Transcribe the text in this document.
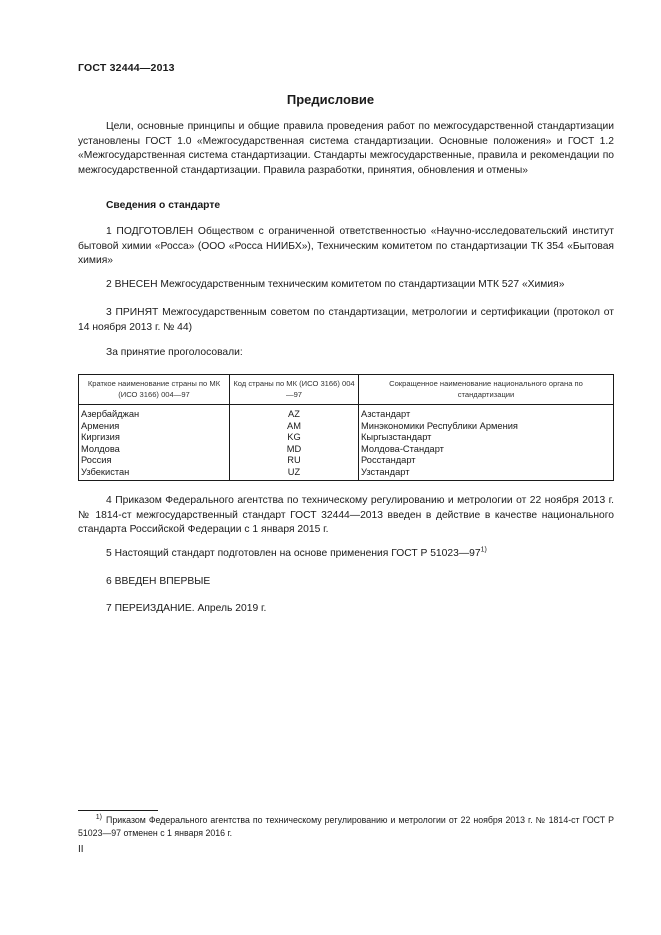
ГОСТ 32444—2013
Предисловие
Цели, основные принципы и общие правила проведения работ по межгосударственной стандартизации установлены ГОСТ 1.0 «Межгосударственная система стандартизации. Основные положения» и ГОСТ 1.2 «Межгосударственная система стандартизации. Стандарты межгосударственные, правила и рекомендации по межгосударственной стандартизации. Правила разработки, принятия, обновления и отмены»
Сведения о стандарте
1 ПОДГОТОВЛЕН Обществом с ограниченной ответственностью «Научно-исследовательский институт бытовой химии «Росса» (ООО «Росса НИИБХ»), Техническим комитетом по стандартизации ТК 354 «Бытовая химия»
2 ВНЕСЕН Межгосударственным техническим комитетом по стандартизации МТК 527 «Химия»
3 ПРИНЯТ Межгосударственным советом по стандартизации, метрологии и сертификации (протокол от 14 ноября 2013 г. № 44)
За принятие проголосовали:
Краткое наименование страны по МК (ИСО 3166) 004—97	Код страны по МК (ИСО 3166) 004—97	Сокращенное наименование национального органа по стандартизации
Азербайджан	AZ	Азстандарт
Армения	AM	Минэкономики Республики Армения
Киргизия	KG	Кыргызстандарт
Молдова	MD	Молдова-Стандарт
Россия	RU	Росстандарт
Узбекистан	UZ	Узстандарт
4 Приказом Федерального агентства по техническому регулированию и метрологии от 22 ноября 2013 г. № 1814-ст межгосударственный стандарт ГОСТ 32444—2013 введен в действие в качестве национального стандарта Российской Федерации с 1 января 2015 г.
5 Настоящий стандарт подготовлен на основе применения ГОСТ Р 51023—97$^{1)}$
6 ВВЕДЕН ВПЕРВЫЕ
7 ПЕРЕИЗДАНИЕ. Апрель 2019 г.
$^{1)}$ Приказом Федерального агентства по техническому регулированию и метрологии от 22 ноября 2013 г. № 1814-ст ГОСТ Р 51023—97 отменен с 1 января 2016 г.
II
